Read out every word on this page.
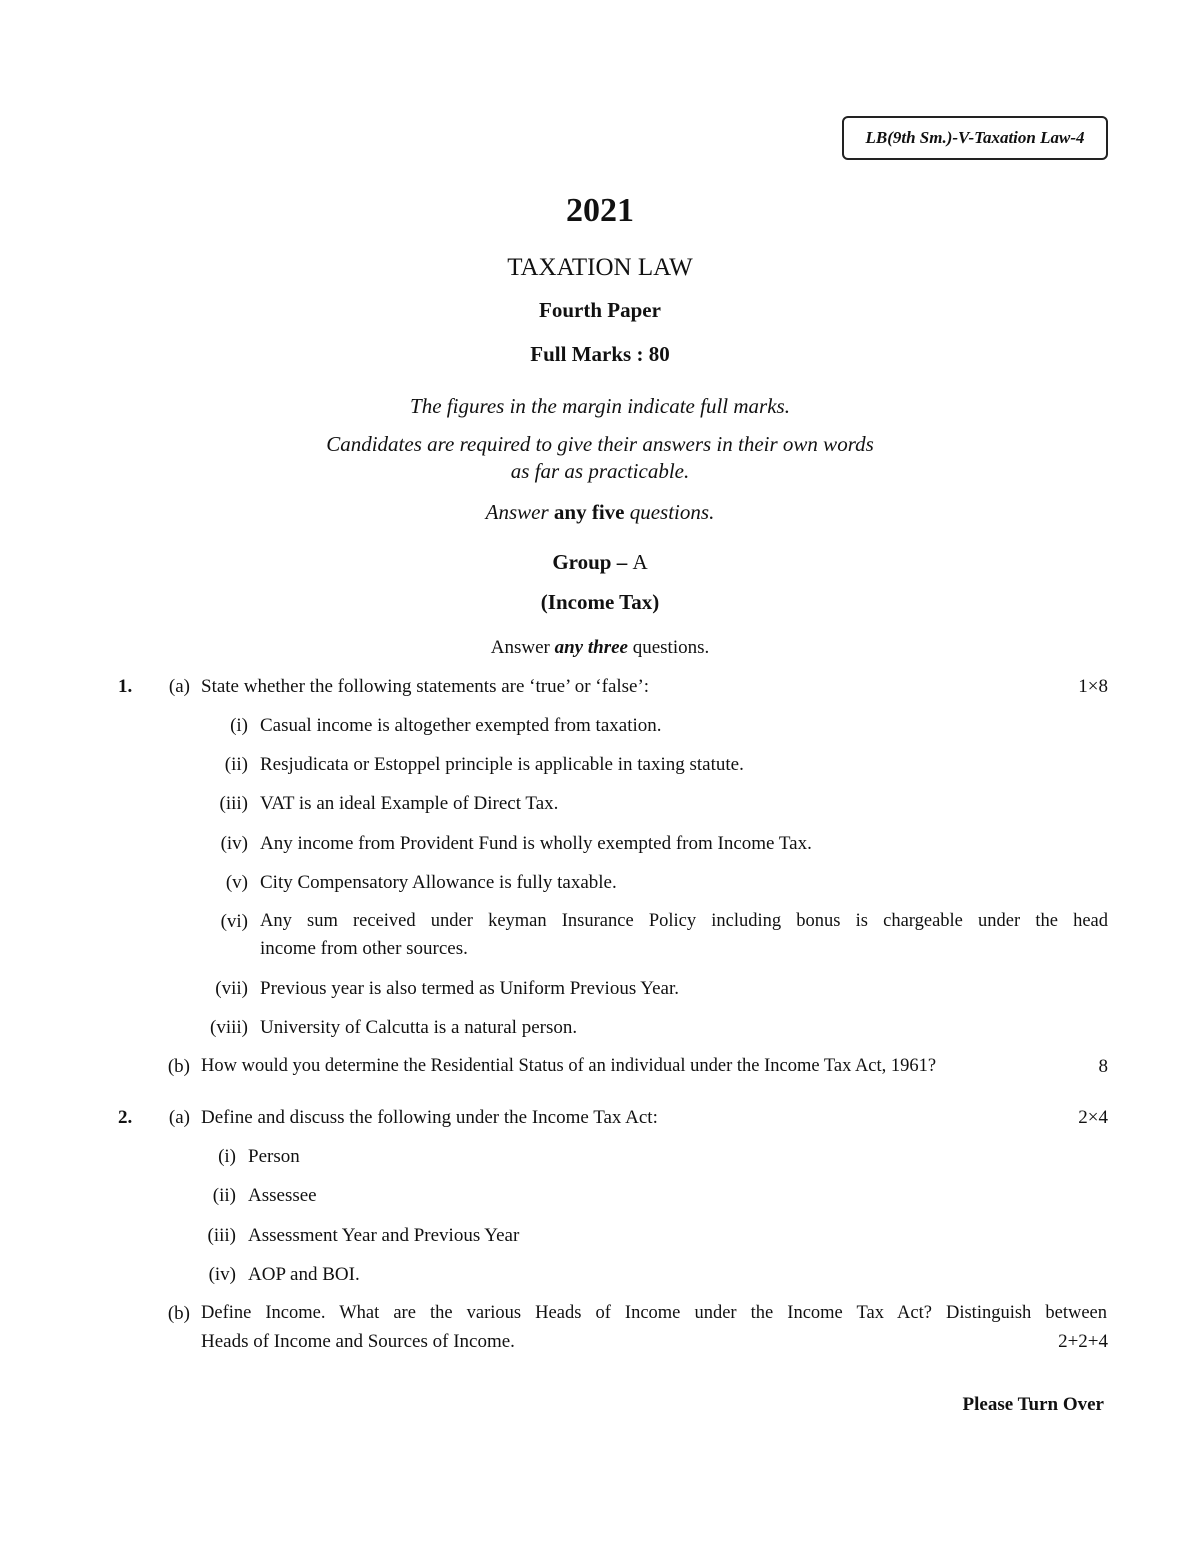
LB(9th Sm.)-V-Taxation Law-4
2021
TAXATION LAW
Fourth Paper
Full Marks : 80
The figures in the margin indicate full marks.
Candidates are required to give their answers in their own words
as far as practicable.
Answer any five questions.
Group – A
(Income Tax)
Answer any three questions.
1.	(a) State whether the following statements are ‘true’ or ‘false’:	1×8
(i) Casual income is altogether exempted from taxation.
(ii) Resjudicata or Estoppel principle is applicable in taxing statute.
(iii) VAT is an ideal Example of Direct Tax.
(iv) Any income from Provident Fund is wholly exempted from Income Tax.
(v) City Compensatory Allowance is fully taxable.
(vi) Any sum received under keyman Insurance Policy including bonus is chargeable under the head
income from other sources.
(vii) Previous year is also termed as Uniform Previous Year.
(viii) University of Calcutta is a natural person.
(b) How would you determine the Residential Status of an individual under the Income Tax Act, 1961?	8
2.	(a) Define and discuss the following under the Income Tax Act:	2×4
(i) Person
(ii) Assessee
(iii) Assessment Year and Previous Year
(iv) AOP and BOI.
(b) Define Income. What are the various Heads of Income under the Income Tax Act? Distinguish between
Heads of Income and Sources of Income.	2+2+4
Please Turn Over
